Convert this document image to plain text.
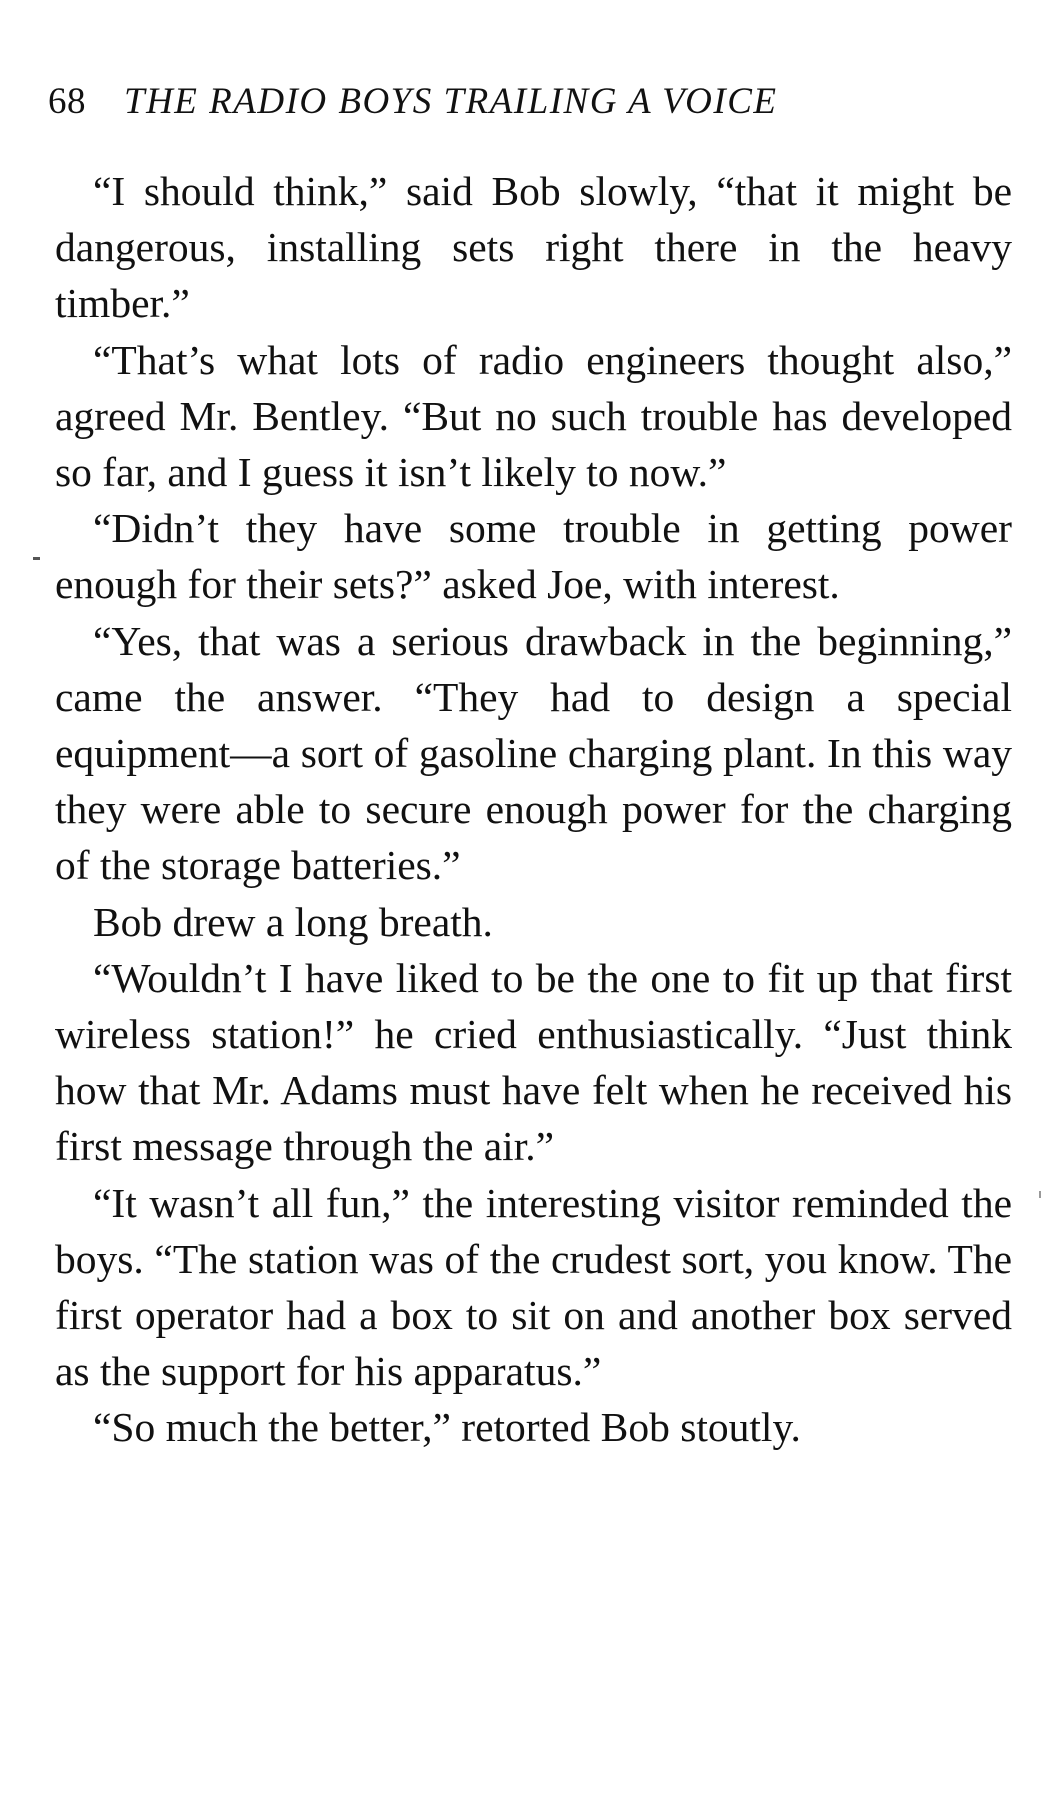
68 THE RADIO BOYS TRAILING A VOICE

“I should think,” said Bob slowly, “that it might be dangerous, installing sets right there in the heavy timber.”

“That’s what lots of radio engineers thought also,” agreed Mr. Bentley. “But no such trouble has developed so far, and I guess it isn’t likely to now.”

“Didn’t they have some trouble in getting power enough for their sets?” asked Joe, with interest.

“Yes, that was a serious drawback in the beginning,” came the answer. “They had to design a special equipment—a sort of gasoline charging plant. In this way they were able to secure enough power for the charging of the storage batteries.”

Bob drew a long breath.

“Wouldn’t I have liked to be the one to fit up that first wireless station!” he cried enthusiastically. “Just think how that Mr. Adams must have felt when he received his first message through the air.”

“It wasn’t all fun,” the interesting visitor reminded the boys. “The station was of the crudest sort, you know. The first operator had a box to sit on and another box served as the support for his apparatus.”

“So much the better,” retorted Bob stoutly.
